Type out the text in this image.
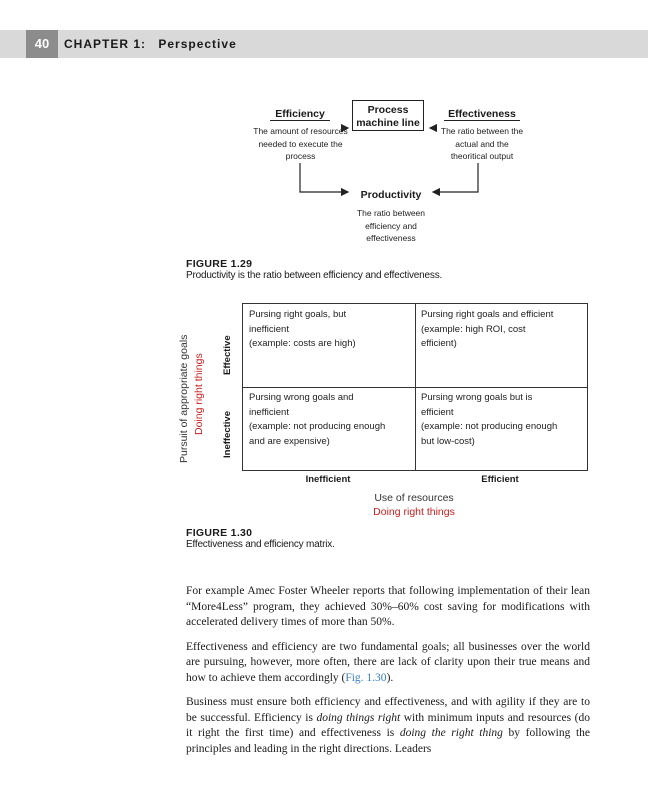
40	CHAPTER 1: Perspective
Efficiency
The amount of resources
needed to execute the
process
Process
machine line
Effectiveness
The ratio between the
actual and the
theoritical output
Productivity
The ratio between
efficiency and
effectiveness
FIGURE 1.29
Productivity is the ratio between efficiency and effectiveness.
Pursuit of appropriate goals Doing right things Effective
Ineffective
Pursing right goals, but
inefficient
(example: costs are high)
Pursing right goals and efficient
(example: high ROI, cost
efficient)
Pursing wrong goals and
inefficient
(example: not producing enough
and are expensive)
Pursing wrong goals but is
efficient
(example: not producing enough
but low-cost)
Inefficient	Efficient
Use of resources
Doing right things
FIGURE 1.30
Effectiveness and efficiency matrix.

For example Amec Foster Wheeler reports that following implementation of their lean “More4Less” program, they achieved 30%–60% cost saving for modifications with accelerated delivery times of more than 50%.

Effectiveness and efficiency are two fundamental goals; all businesses over the world are pursuing, however, more often, there are lack of clarity upon their true means and how to achieve them accordingly (Fig. 1.30).

Business must ensure both efficiency and effectiveness, and with agility if they are to be successful. Efficiency is doing things right with minimum inputs and resources (do it right the first time) and effectiveness is doing the right thing by following the principles and leading in the right directions. Leaders
